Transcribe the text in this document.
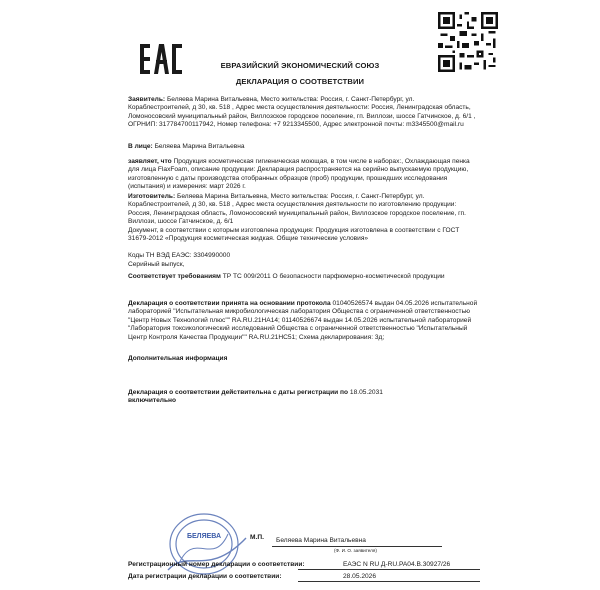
ЕВРАЗИЙСКИЙ ЭКОНОМИЧЕСКИЙ СОЮЗ
ДЕКЛАРАЦИЯ О СООТВЕТСТВИИ
Заявитель: Беляева Марина Витальевна, Место жительства: Россия, г. Санкт-Петербург, ул. Кораблестроителей, д 30, кв. 518 , Адрес места осуществления деятельности: Россия, Ленинградская область, Ломоносовский муниципальный район, Виллозское городское поселение, гп. Виллози, шоссе Гатчинское, д. 6/1 , ОГРНИП: 317784700117942, Номер телефона: +7 9213345500, Адрес электронной почты: m3345500@mail.ru
В лице: Беляева Марина Витальевна
заявляет, что Продукция косметическая гигиеническая моющая, в том числе в наборах:, Охлаждающая пенка для лица FlaxFoam, описание продукции: Декларация распространяется на серийно выпускаемую продукцию, изготовленную с даты производства отобранных образцов (проб) продукции, прошедших исследования (испытания) и измерения: март 2026 г.
Изготовитель: Беляева Марина Витальевна, Место жительства: Россия, г. Санкт-Петербург, ул. Кораблестроителей, д 30, кв. 518 , Адрес места осуществления деятельности по изготовлению продукции: Россия, Ленинградская область, Ломоносовский муниципальный район, Виллозское городское поселение, гп. Виллози, шоссе Гатчинское, д. 6/1
Документ, в соответствии с которым изготовлена продукция: Продукция изготовлена в соответствии с ГОСТ 31679-2012 «Продукция косметическая жидкая. Общие технические условия»
Коды ТН ВЭД ЕАЭС: 3304990000
Серийный выпуск,
Соответствует требованиям ТР ТС 009/2011 О безопасности парфюмерно-косметической продукции
Декларация о соответствии принята на основании протокола 01040526574 выдан 04.05.2026 испытательной лабораторией "Испытательная микробиологическая лаборатория Общества с ограниченной ответственностью "Центр Новых Технологий плюс"" RA.RU.21HA14; 01140526674 выдан 14.05.2026 испытательной лабораторией "Лаборатория токсикологический исследований Общества с ограниченной ответственностью "Испытательный Центр Контроля Качества Продукции"" RA.RU.21HC51; Схема декларирования: 3д;
Дополнительная информация
Декларация о соответствии действительна с даты регистрации по 18.05.2031
включительно
БЕЛЯЕВА	М.П. Беляева Марина Витальевна
(Ф. И. О. заявителя)
Регистрационный номер декларации о соответствии:	ЕАЭС N RU Д-RU.РА04.В.30927/26
Дата регистрации декларации о соответствии:	28.05.2026
